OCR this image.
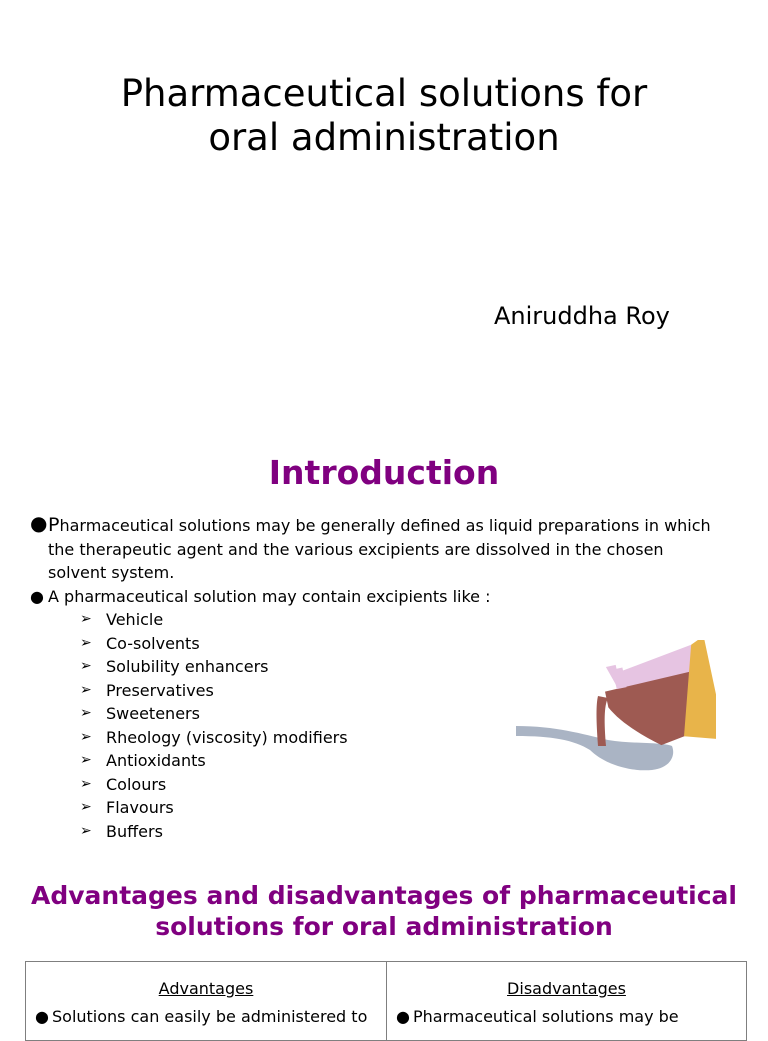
Pharmaceutical solutions for
oral administration
Aniruddha Roy
Introduction
● Pharmaceutical solutions may be generally defined as liquid preparations in which the therapeutic agent and the various excipients are dissolved in the chosen solvent system.
● A pharmaceutical solution may contain excipients like :
➢ Vehicle
➢ Co-solvents
➢ Solubility enhancers
➢ Preservatives
➢ Sweeteners
➢ Rheology (viscosity) modifiers
➢ Antioxidants
➢ Colours
➢ Flavours
➢ Buffers
Advantages and disadvantages of pharmaceutical
solutions for oral administration
Advantages
● Solutions can easily be administered to
Disadvantages
● Pharmaceutical solutions may be
